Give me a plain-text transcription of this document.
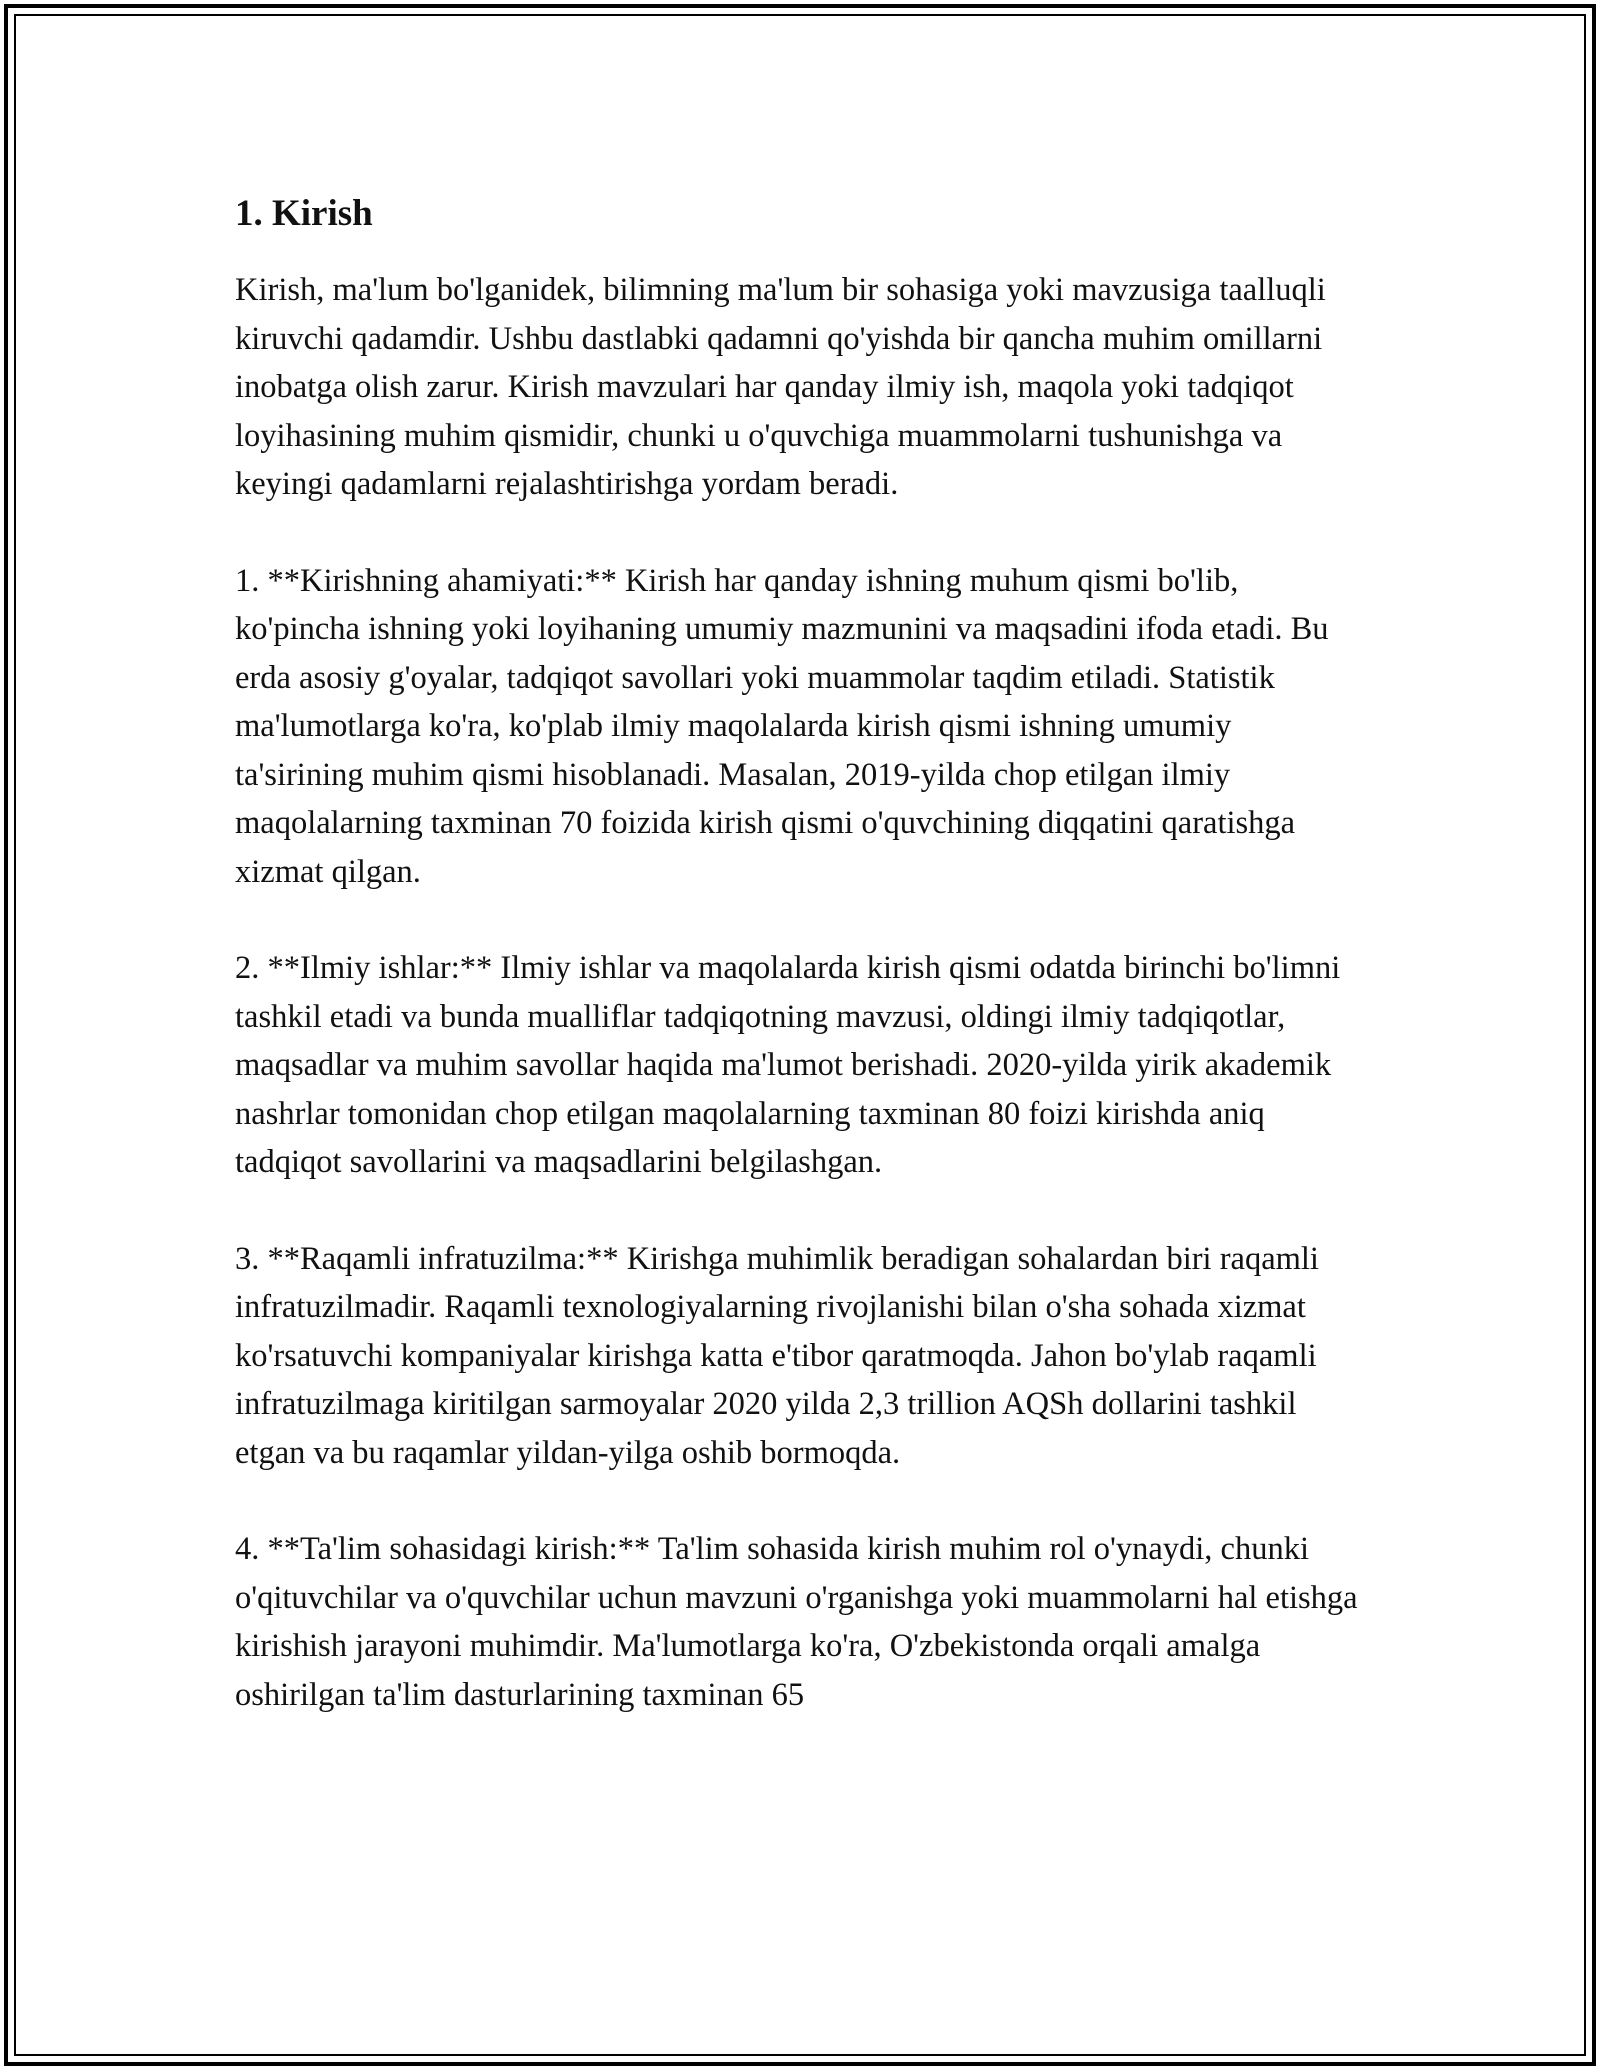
1. Kirish

Kirish, ma'lum bo'lganidek, bilimning ma'lum bir sohasiga yoki mavzusiga taalluqli kiruvchi qadamdir. Ushbu dastlabki qadamni qo'yishda bir qancha muhim omillarni inobatga olish zarur. Kirish mavzulari har qanday ilmiy ish, maqola yoki tadqiqot loyihasining muhim qismidir, chunki u o'quvchiga muammolarni tushunishga va keyingi qadamlarni rejalashtirishga yordam beradi.

1. **Kirishning ahamiyati:** Kirish har qanday ishning muhum qismi bo'lib, ko'pincha ishning yoki loyihaning umumiy mazmunini va maqsadini ifoda etadi. Bu erda asosiy g'oyalar, tadqiqot savollari yoki muammolar taqdim etiladi. Statistik ma'lumotlarga ko'ra, ko'plab ilmiy maqolalarda kirish qismi ishning umumiy ta'sirining muhim qismi hisoblanadi. Masalan, 2019-yilda chop etilgan ilmiy maqolalarning taxminan 70 foizida kirish qismi o'quvchining diqqatini qaratishga xizmat qilgan.

2. **Ilmiy ishlar:** Ilmiy ishlar va maqolalarda kirish qismi odatda birinchi bo'limni tashkil etadi va bunda mualliflar tadqiqotning mavzusi, oldingi ilmiy tadqiqotlar, maqsadlar va muhim savollar haqida ma'lumot berishadi. 2020-yilda yirik akademik nashrlar tomonidan chop etilgan maqolalarning taxminan 80 foizi kirishda aniq tadqiqot savollarini va maqsadlarini belgilashgan.

3. **Raqamli infratuzilma:** Kirishga muhimlik beradigan sohalardan biri raqamli infratuzilmadir. Raqamli texnologiyalarning rivojlanishi bilan o'sha sohada xizmat ko'rsatuvchi kompaniyalar kirishga katta e'tibor qaratmoqda. Jahon bo'ylab raqamli infratuzilmaga kiritilgan sarmoyalar 2020 yilda 2,3 trillion AQSh dollarini tashkil etgan va bu raqamlar yildan-yilga oshib bormoqda.

4. **Ta'lim sohasidagi kirish:** Ta'lim sohasida kirish muhim rol o'ynaydi, chunki o'qituvchilar va o'quvchilar uchun mavzuni o'rganishga yoki muammolarni hal etishga kirishish jarayoni muhimdir. Ma'lumotlarga ko'ra, O'zbekistonda orqali amalga oshirilgan ta'lim dasturlarining taxminan 65
